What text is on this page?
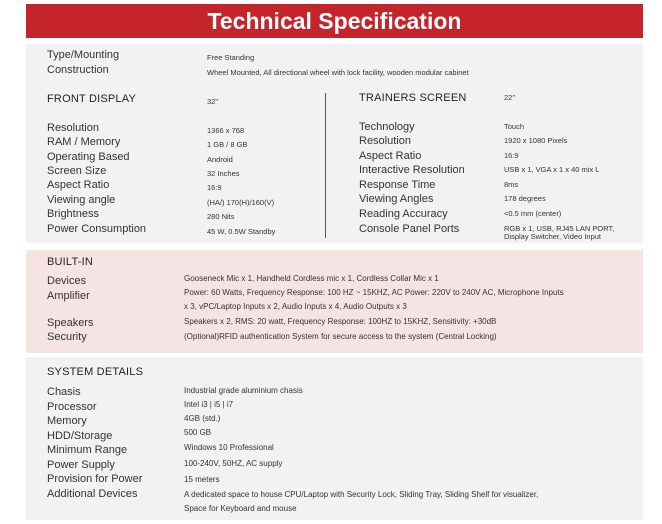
Technical Specification
Type/Mounting	Free Standing
Construction	Wheel Mounted, All directional wheel with lock facility, wooden modular cabinet
FRONT DISPLAY	32"
Resolution	1366 x 768
RAM / Memory	1 GB / 8 GB
Operating Based	Android
Screen Size	32 Inches
Aspect Ratio	16:9
Viewing angle	(HA/) 170(H)/160(V)
Brightness	280 Nits
Power Consumption	45 W, 0.5W Standby
TRAINERS SCREEN	22"
Technology	Touch
Resolution	1920 x 1080 Pixels
Aspect Ratio	16:9
Interactive Resolution	USB x 1, VGA x 1 x 40 mix L
Response Time	8ms
Viewing Angles	178 degrees
Reading Accuracy	<0.5 mm (center)
Console Panel Ports	RGB x 1, USB, RJ45 LAN PORT,
Display Switcher, Video Input
BUILT-IN
Devices	Gooseneck Mic x 1, Handheld Cordless mic x 1, Cordless Collar Mic x 1
Amplifier	Power: 60 Watts, Frequency Response: 100 HZ ~ 15KHZ, AC Power: 220V to 240V AC, Microphone Inputs
x 3, vPC/Laptop Inputs x 2, Audio Inputs x 4, Audio Outputs x 3
Speakers	Speakers x 2, RMS: 20 watt, Frequency Response: 100HZ to 15KHZ, Sensitivity: +30dB
Security	(Optional)RFID authentication System for secure access to the system (Central Locking)
SYSTEM DETAILS
Chasis	Industrial grade aluminium chasis
Processor	Intel i3 | i5 | i7
Memory	4GB (std.)
HDD/Storage	500 GB
Minimum Range	Windows 10 Professional
Power Supply	100-240V, 50HZ, AC supply
Provision for Power	15 meters
Additional Devices	A dedicated space to house CPU/Laptop with Security Lock, Sliding Tray, Sliding Shelf for visualizer,
Space for Keyboard and mouse
